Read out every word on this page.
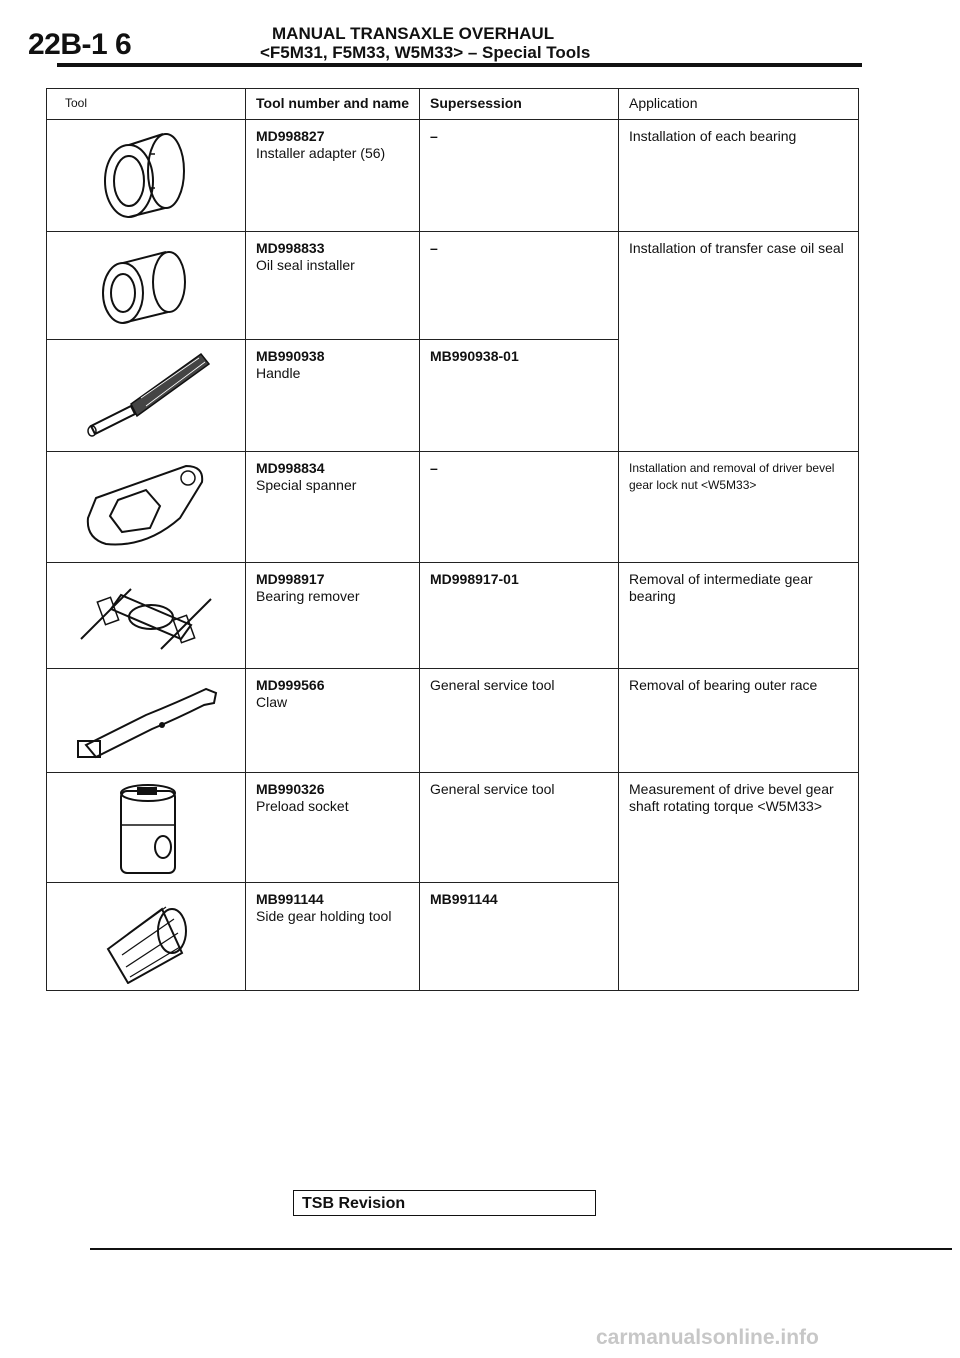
22B-1 6	MANUAL TRANSAXLE OVERHAUL
<F5M31, F5M33, W5M33> – Special Tools
Tool	Tool number and name	Supersession	Application

MD998827
Installer adapter (56)	–	Installation of each bearing

MD998833
Oil seal installer	–	Installation of transfer case oil seal

MB990938
Handle	MB990938-01	

MD998834
Special spanner	–	Installation and removal of driver bevel gear lock nut <W5M33>

MD998917
Bearing remover	MD998917-01	Removal of intermediate gear bearing

MD999566
Claw	General service tool	Removal of bearing outer race

MB990326
Preload socket	General service tool	Measurement of drive bevel gear shaft rotating torque <W5M33>

MB991144
Side gear holding tool	MB991144	
TSB Revision
carmanualsonline.info
